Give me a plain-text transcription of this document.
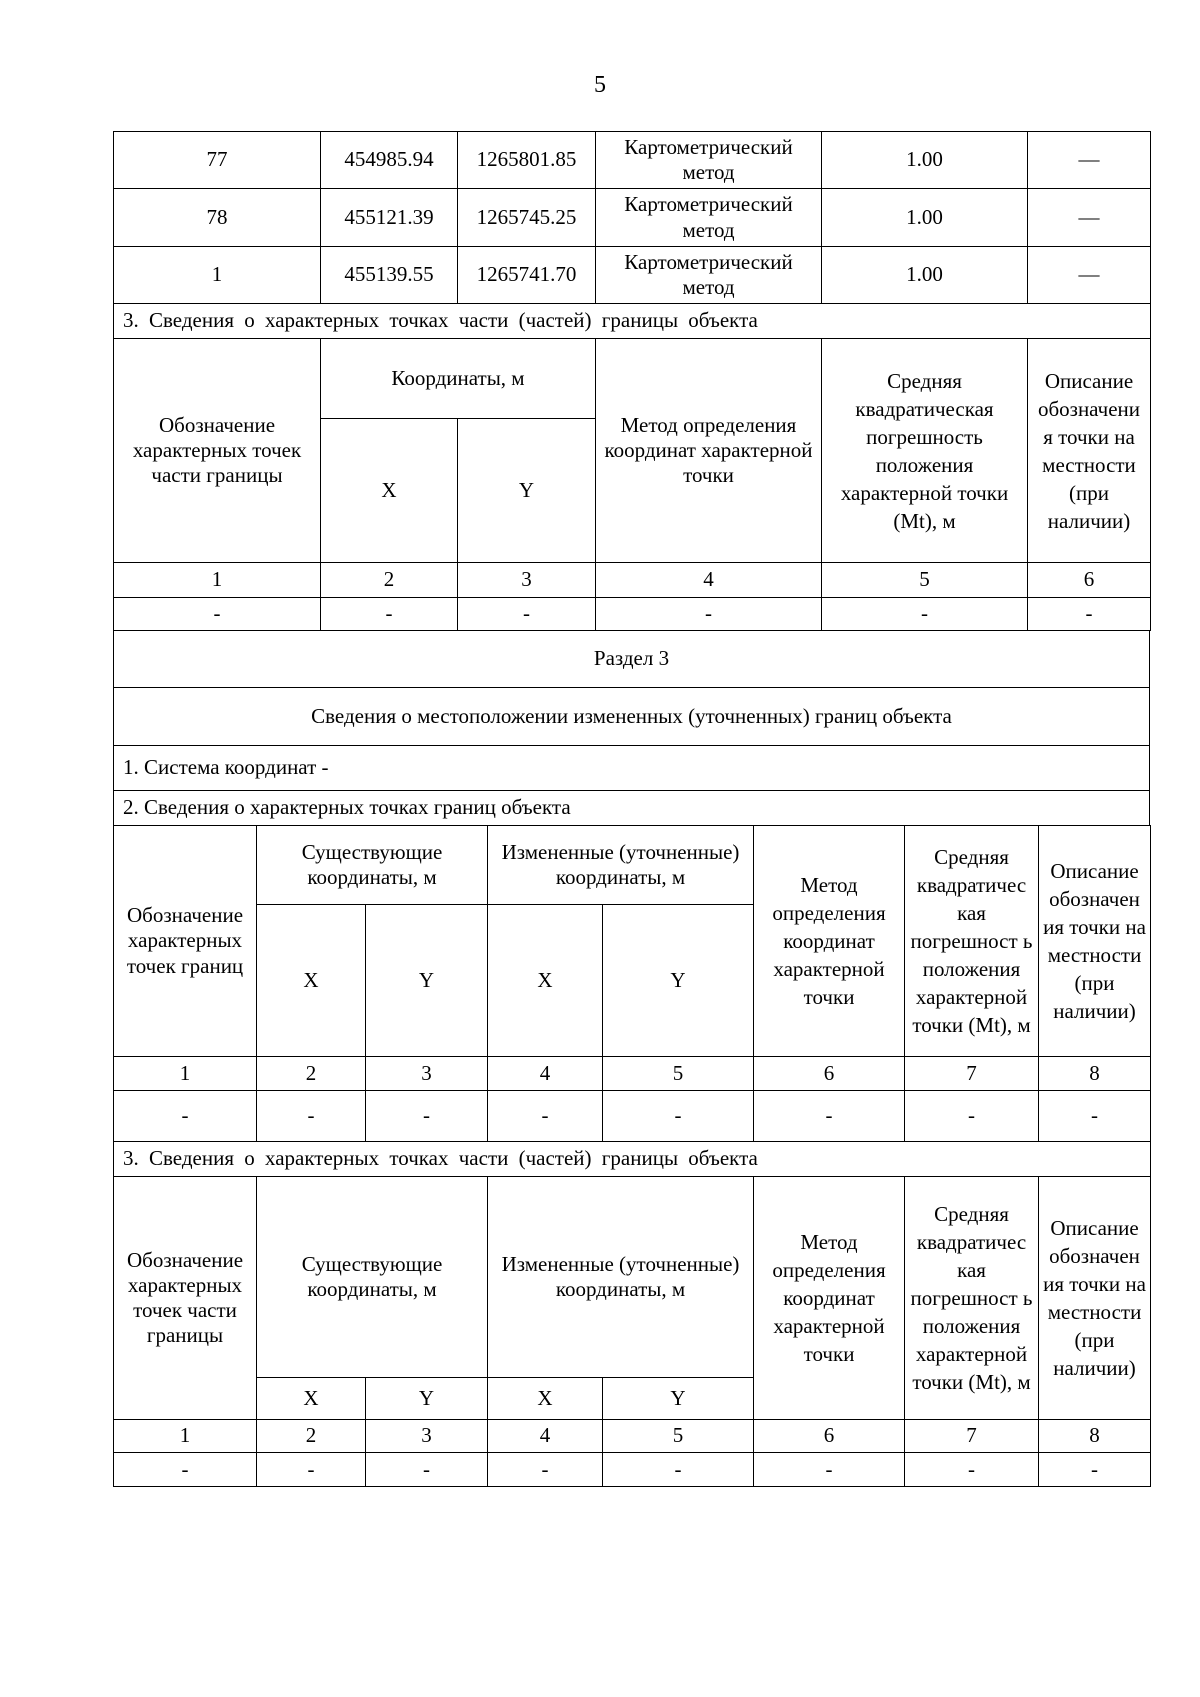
5
77	454985.94	1265801.85	Картометрический метод	1.00	—
78	455121.39	1265745.25	Картометрический метод	1.00	—
1	455139.55	1265741.70	Картометрический метод	1.00	—
3. Сведения о характерных точках части (частей) границы объекта					
Обозначение характерных точек части границы	Координаты, м		Метод определения координат характерной точки	Средняя квадратическая погрешность положения характерной точки (Mt), м	Описание обозначени я точки на местности (при наличии)
	X	Y			
1	2	3	4	5	6
-	-	-	-	-	-
Раздел 3
Сведения о местоположении измененных (уточненных) границ объекта
1. Система координат -
2. Сведения о характерных точках границ объекта
Обозначение характерных точек границ	Существующие координаты, м		Измененные (уточненные) координаты, м		Метод определения координат характерной точки	Средняя квадратичес кая погрешност ь положения характерной точки (Mt), м	Описание обозначен ия точки на местности (при наличии)
	X	Y	X	Y			
1	2	3	4	5	6	7	8
-	-	-	-	-	-	-	-
3. Сведения о характерных точках части (частей) границы объекта							
Обозначение характерных точек части границы	Существующие координаты, м		Измененные (уточненные) координаты, м		Метод определения координат характерной точки	Средняя квадратичес кая погрешност ь положения характерной точки (Mt), м	Описание обозначен ия точки на местности (при наличии)
	X	Y	X	Y			
1	2	3	4	5	6	7	8
-	-	-	-	-	-	-	-
